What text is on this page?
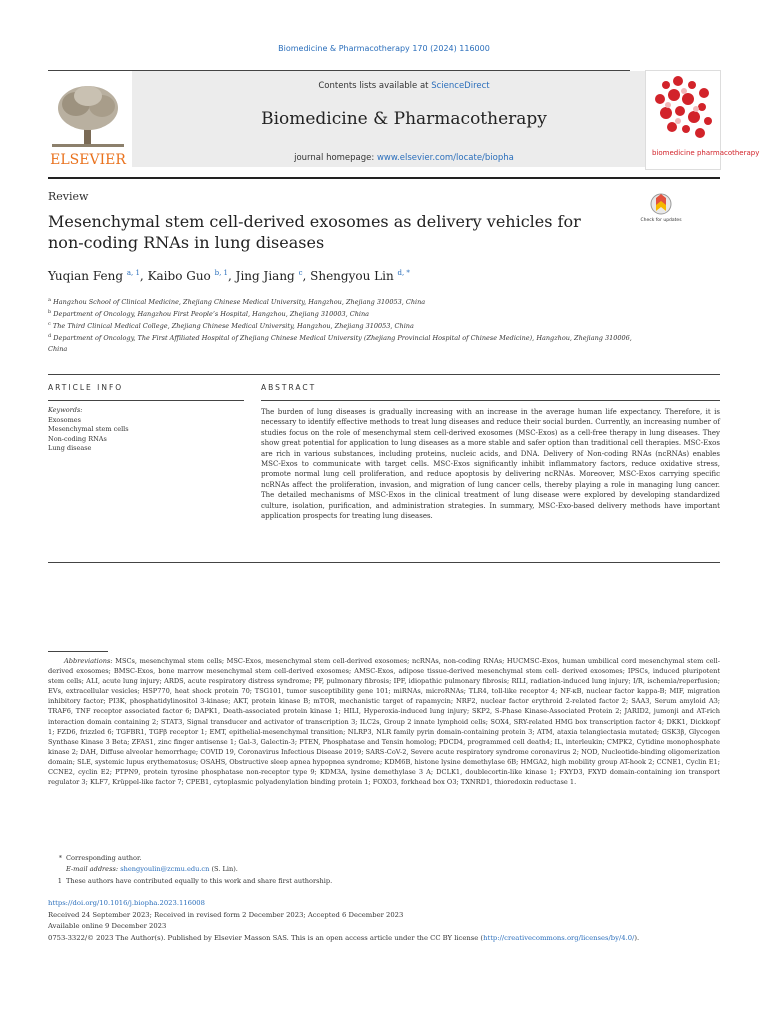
Biomedicine & Pharmacotherapy 170 (2024) 116000
ELSEVIER
Contents lists available at ScienceDirect
Biomedicine & Pharmacotherapy
journal homepage: www.elsevier.com/locate/biopha	biomedicine pharmacotherapy
Review
Mesenchymal stem cell-derived exosomes as delivery vehicles for non-coding RNAs in lung diseases
Check for updates
Yuqian Feng $^{a, 1}$, Kaibo Guo $^{b, 1}$, Jing Jiang $^c$, Shengyou Lin $^{d, *}$
$^a$ Hangzhou School of Clinical Medicine, Zhejiang Chinese Medical University, Hangzhou, Zhejiang 310053, China
$^b$ Department of Oncology, Hangzhou First People’s Hospital, Hangzhou, Zhejiang 310003, China
$^c$ The Third Clinical Medical College, Zhejiang Chinese Medical University, Hangzhou, Zhejiang 310053, China
$^d$ Department of Oncology, The First Affiliated Hospital of Zhejiang Chinese Medical University (Zhejiang Provincial Hospital of Chinese Medicine), Hangzhou, Zhejiang 310006, China
ARTICLE INFO	ABSTRACT
Keywords:
Exosomes
Mesenchymal stem cells
Non-coding RNAs
Lung disease
The burden of lung diseases is gradually increasing with an increase in the average human life expectancy. Therefore, it is necessary to identify effective methods to treat lung diseases and reduce their social burden. Currently, an increasing number of studies focus on the role of mesenchymal stem cell-derived exosomes (MSC-Exos) as a cell-free therapy in lung diseases. They show great potential for application to lung diseases as a more stable and safer option than traditional cell therapies. MSC-Exos are rich in various substances, including proteins, nucleic acids, and DNA. Delivery of Non-coding RNAs (ncRNAs) enables MSC-Exos to communicate with target cells. MSC-Exos significantly inhibit inflammatory factors, reduce oxidative stress, promote normal lung cell proliferation, and reduce apoptosis by delivering ncRNAs. Moreover, MSC-Exos carrying specific ncRNAs affect the proliferation, invasion, and migration of lung cancer cells, thereby playing a role in managing lung cancer. The detailed mechanisms of MSC-Exos in the clinical treatment of lung disease were explored by developing standardized culture, isolation, purification, and administration strategies. In summary, MSC-Exo-based delivery methods have important application prospects for treating lung diseases.
Abbreviations: MSCs, mesenchymal stem cells; MSC-Exos, mesenchymal stem cell-derived exosomes; ncRNAs, non-coding RNAs; HUCMSC-Exos, human umbilical cord mesenchymal stem cell-derived exosomes; BMSC-Exos, bone marrow mesenchymal stem cell-derived exosomes; AMSC-Exos, adipose tissue-derived mesenchymal stem cell- derived exosomes; IPSCs, induced pluripotent stem cells; ALI, acute lung injury; ARDS, acute respiratory distress syndrome; PF, pulmonary fibrosis; IPF, idiopathic pulmonary fibrosis; RILI, radiation-induced lung injury; I/R, ischemia/reperfusion; EVs, extracellular vesicles; HSP770, heat shock protein 70; TSG101, tumor susceptibility gene 101; miRNAs, microRNAs; TLR4, toll-like receptor 4; NF-κB, nuclear factor kappa-B; MIF, migration inhibitory factor; PI3K, phosphatidylinositol 3-kinase; AKT, protein kinase B; mTOR, mechanistic target of rapamycin; NRF2, nuclear factor erythroid 2-related factor 2; SAA3, Serum amyloid A3; TRAF6, TNF receptor associated factor 6; DAPK1, Death-associated protein kinase 1; HILI, Hyperoxia-induced lung injury; SKP2, S-Phase Kinase-Associated Protein 2; JARID2, jumonji and AT-rich interaction domain containing 2; STAT3, Signal transducer and activator of transcription 3; ILC2s, Group 2 innate lymphoid cells; SOX4, SRY-related HMG box transcription factor 4; DKK1, Dickkopf 1; FZD6, frizzled 6; TGFBR1, TGFβ receptor 1; EMT, epithelial-mesenchymal transition; NLRP3, NLR family pyrin domain-containing protein 3; ATM, ataxia telangiectasia mutated; GSK3β, Glycogen Synthase Kinase 3 Beta; ZFAS1, zinc finger antisense 1; Gal-3, Galectin-3; PTEN, Phosphatase and Tensin homolog; PDCD4, programmed cell death4; IL, interleukin; CMPK2, Cytidine monophosphate kinase 2; DAH, Diffuse alveolar hemorrhage; COVID 19, Coronavirus Infectious Disease 2019; SARS-CoV-2, Severe acute respiratory syndrome coronavirus 2; NOD, Nucleotide-binding oligomerization domain; SLE, systemic lupus erythematosus; OSAHS, Obstructive sleep apnea hypopnea syndrome; KDM6B, histone lysine demethylase 6B; HMGA2, high mobility group AT-hook 2; CCNE1, Cyclin E1; CCNE2, cyclin E2; PTPN9, protein tyrosine phosphatase non-receptor type 9; KDM3A, lysine demethylase 3 A; DCLK1, doublecortin-like kinase 1; FXYD3, FXYD domain-containing ion transport regulator 3; KLF7, Krüppel-like factor 7; CPEB1, cytoplasmic polyadenylation binding protein 1; FOXO3, forkhead box O3; TXNRD1, thioredoxin reductase 1.
* Corresponding author.
E-mail address: shengyoulin@zcmu.edu.cn (S. Lin).
1 These authors have contributed equally to this work and share first authorship.
https://doi.org/10.1016/j.biopha.2023.116008
Received 24 September 2023; Received in revised form 2 December 2023; Accepted 6 December 2023
Available online 9 December 2023
0753-3322/© 2023 The Author(s). Published by Elsevier Masson SAS. This is an open access article under the CC BY license (http://creativecommons.org/licenses/by/4.0/).
